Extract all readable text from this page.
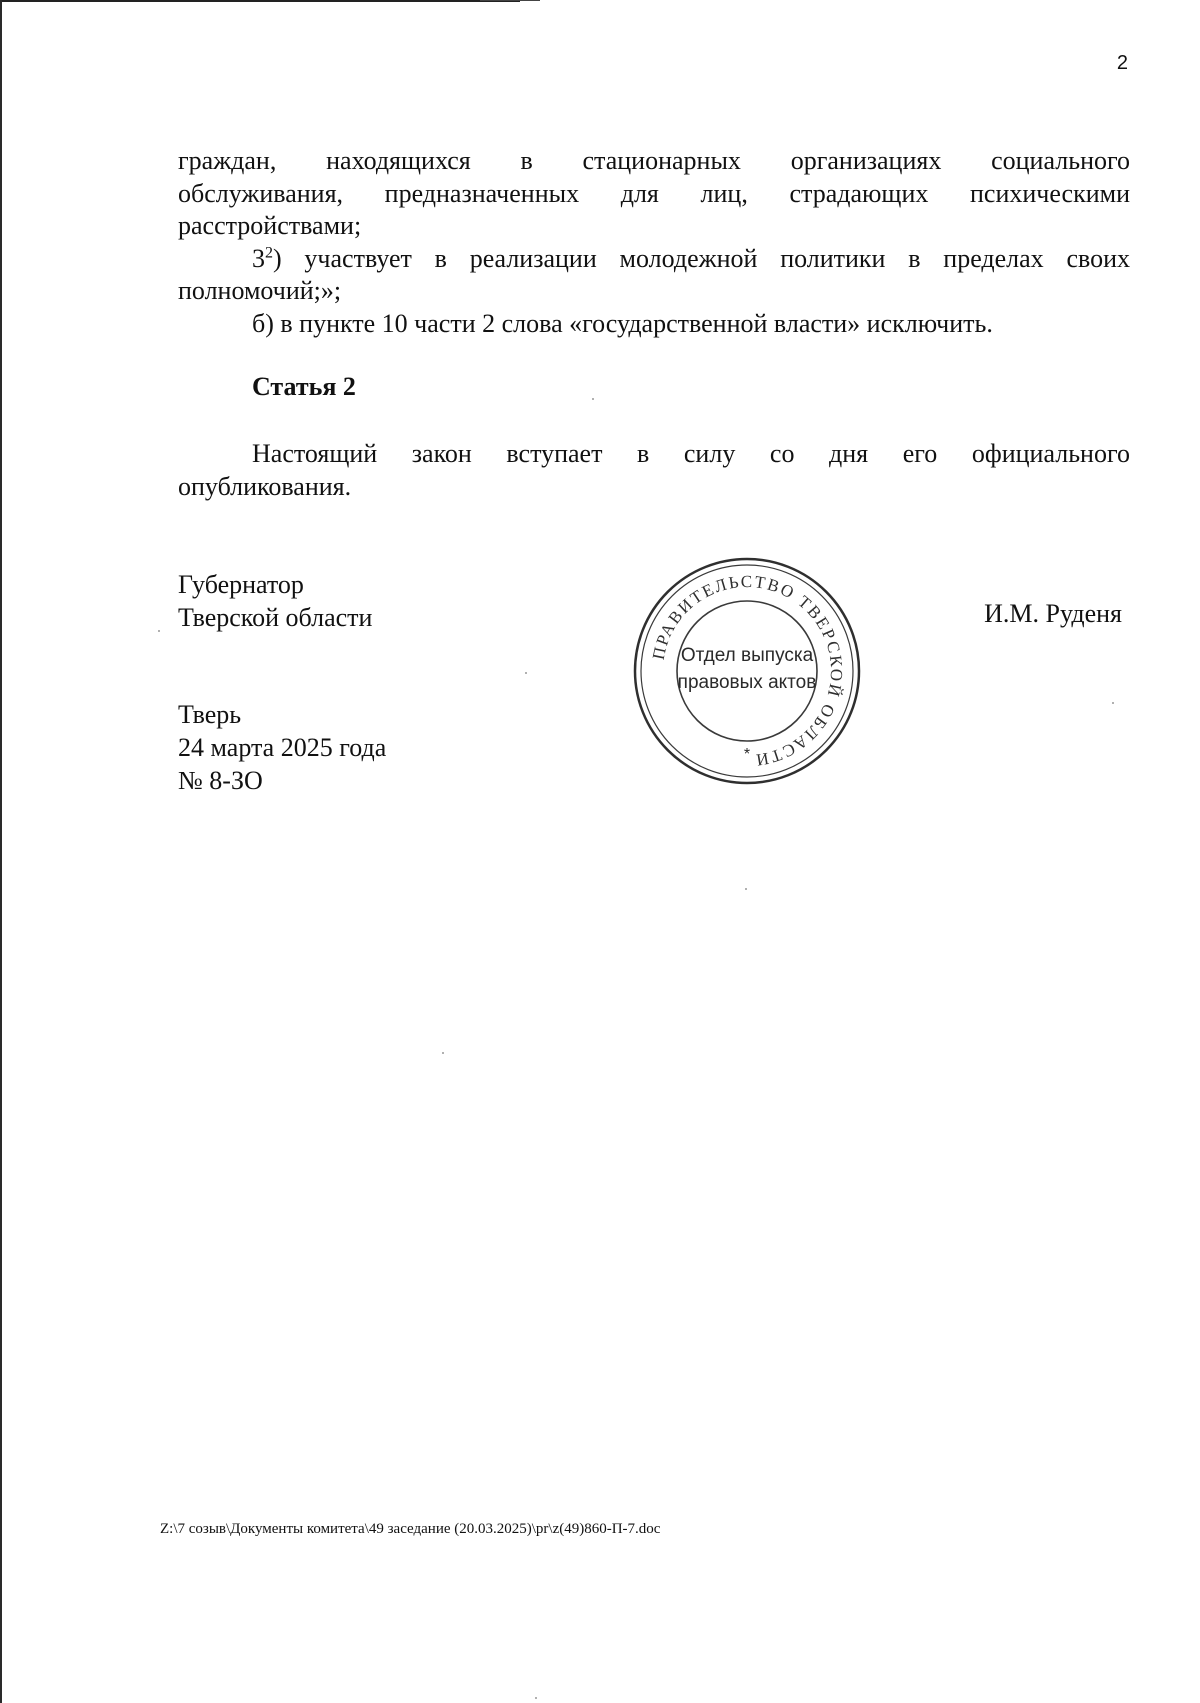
2
граждан, находящихся в стационарных организациях социального
обслуживания, предназначенных для лиц, страдающих психическими
расстройствами;
$3^2$) участвует в реализации молодежной политики в пределах своих
полномочий;»;
б) в пункте 10 части 2 слова «государственной власти» исключить.
Статья 2
Настоящий закон вступает в силу со дня его официального
опубликования.
Губернатор
Тверской области	И.М. Руденя
ПРАВИТЕЛЬСТВО ТВЕРСКОЙ ОБЛАСТИ
Отдел выпуска
правовых актов
*
Тверь
24 марта 2025 года
№ 8-ЗО
Z:\7 созыв\Документы комитета\49 заседание (20.03.2025)\pr\z(49)860-П-7.doc
